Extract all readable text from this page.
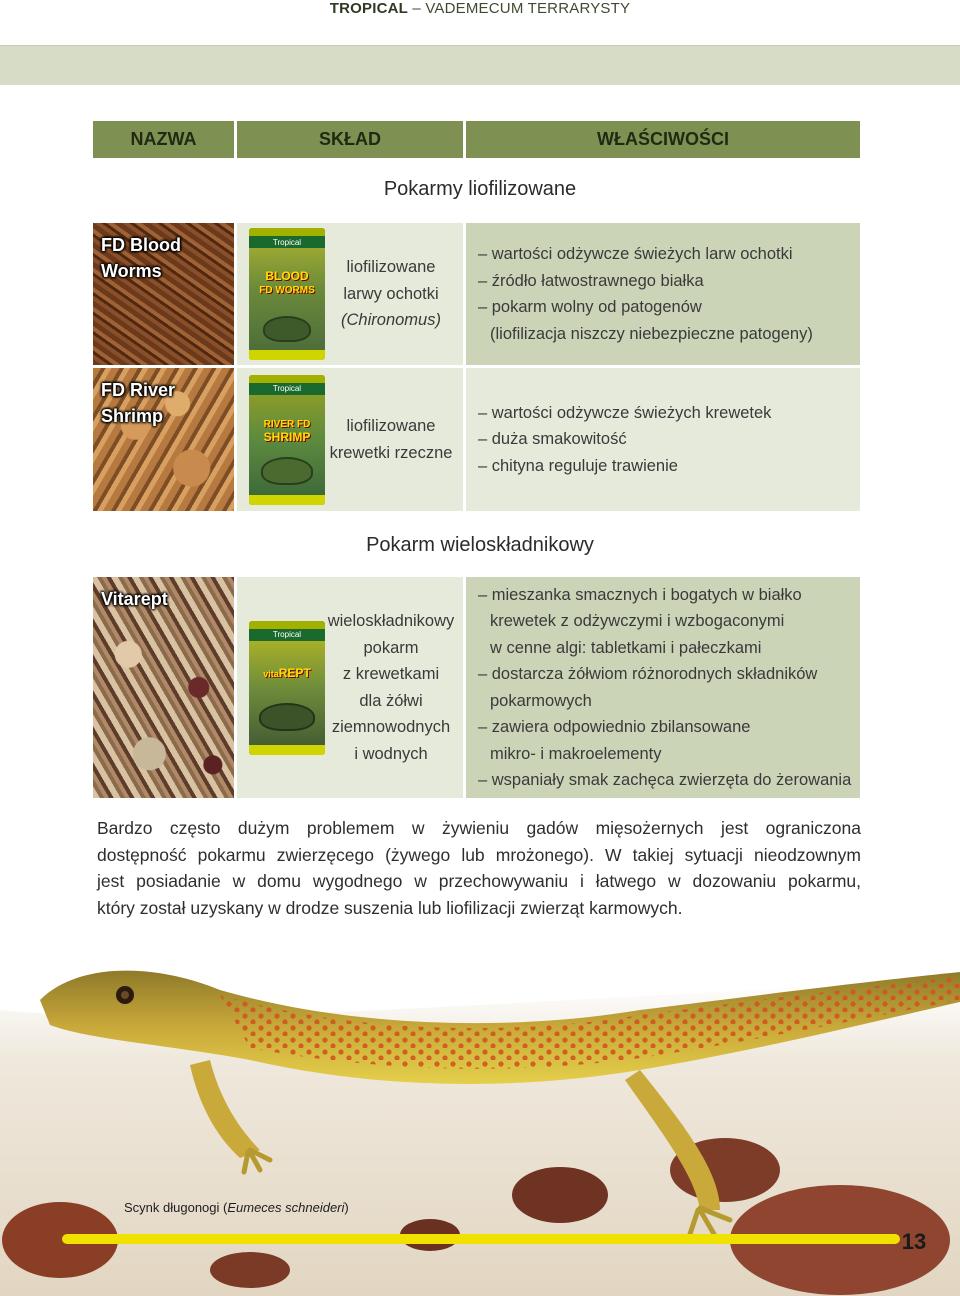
TROPICAL – VADEMECUM TERRARYSTY
NAZWA	SKŁAD	WŁAŚCIWOŚCI
Pokarmy liofilizowane
FD Blood
Worms
Tropical
BLOOD
FD WORMS
liofilizowane
larwy ochotki
(Chironomus)
– wartości odżywcze świeżych larw ochotki
– źródło łatwostrawnego białka
– pokarm wolny od patogenów
(liofilizacja niszczy niebezpieczne patogeny)
FD River
Shrimp
Tropical
RIVER FD
SHRIMP
liofilizowane
krewetki rzeczne
– wartości odżywcze świeżych krewetek
– duża smakowitość
– chityna reguluje trawienie
Pokarm wieloskładnikowy
Vitarept
Tropical
vitaREPT
wieloskładnikowy
pokarm
z krewetkami
dla żółwi
ziemnowodnych
i wodnych
– mieszanka smacznych i bogatych w białko
krewetek z odżywczymi i wzbogaconymi
w cenne algi: tabletkami i pałeczkami
– dostarcza żółwiom różnorodnych składników
pokarmowych
– zawiera odpowiednio zbilansowane
mikro- i makroelementy
– wspaniały smak zachęca zwierzęta do żerowania
Bardzo często dużym problemem w żywieniu gadów mięsożernych jest ograniczona
dostępność pokarmu zwierzęcego (żywego lub mrożonego). W takiej sytuacji nieodzownym
jest posiadanie w domu wygodnego w przechowywaniu i łatwego w dozowaniu pokarmu,
który został uzyskany w drodze suszenia lub liofilizacji zwierząt karmowych.
Scynk długonogi (Eumeces schneideri)
13
